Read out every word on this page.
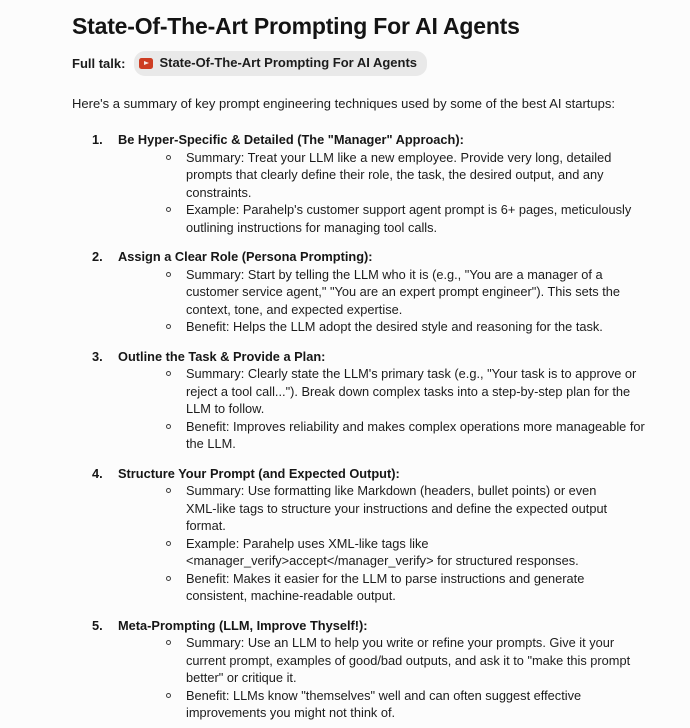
State-Of-The-Art Prompting For AI Agents
Full talk:	State-Of-The-Art Prompting For AI Agents
Here's a summary of key prompt engineering techniques used by some of the best AI startups:
1.	Be Hyper-Specific & Detailed (The "Manager" Approach):
Summary: Treat your LLM like a new employee. Provide very long, detailed
prompts that clearly define their role, the task, the desired output, and any
constraints.
Example: Parahelp's customer support agent prompt is 6+ pages, meticulously
outlining instructions for managing tool calls.
2.	Assign a Clear Role (Persona Prompting):
Summary: Start by telling the LLM who it is (e.g., "You are a manager of a
customer service agent," "You are an expert prompt engineer"). This sets the
context, tone, and expected expertise.
Benefit: Helps the LLM adopt the desired style and reasoning for the task.
3.	Outline the Task & Provide a Plan:
Summary: Clearly state the LLM's primary task (e.g., "Your task is to approve or
reject a tool call..."). Break down complex tasks into a step-by-step plan for the
LLM to follow.
Benefit: Improves reliability and makes complex operations more manageable for
the LLM.
4.	Structure Your Prompt (and Expected Output):
Summary: Use formatting like Markdown (headers, bullet points) or even
XML-like tags to structure your instructions and define the expected output
format.
Example: Parahelp uses XML-like tags like
<manager_verify>accept</manager_verify> for structured responses.
Benefit: Makes it easier for the LLM to parse instructions and generate
consistent, machine-readable output.
5.	Meta-Prompting (LLM, Improve Thyself!):
Summary: Use an LLM to help you write or refine your prompts. Give it your
current prompt, examples of good/bad outputs, and ask it to "make this prompt
better" or critique it.
Benefit: LLMs know "themselves" well and can often suggest effective
improvements you might not think of.
